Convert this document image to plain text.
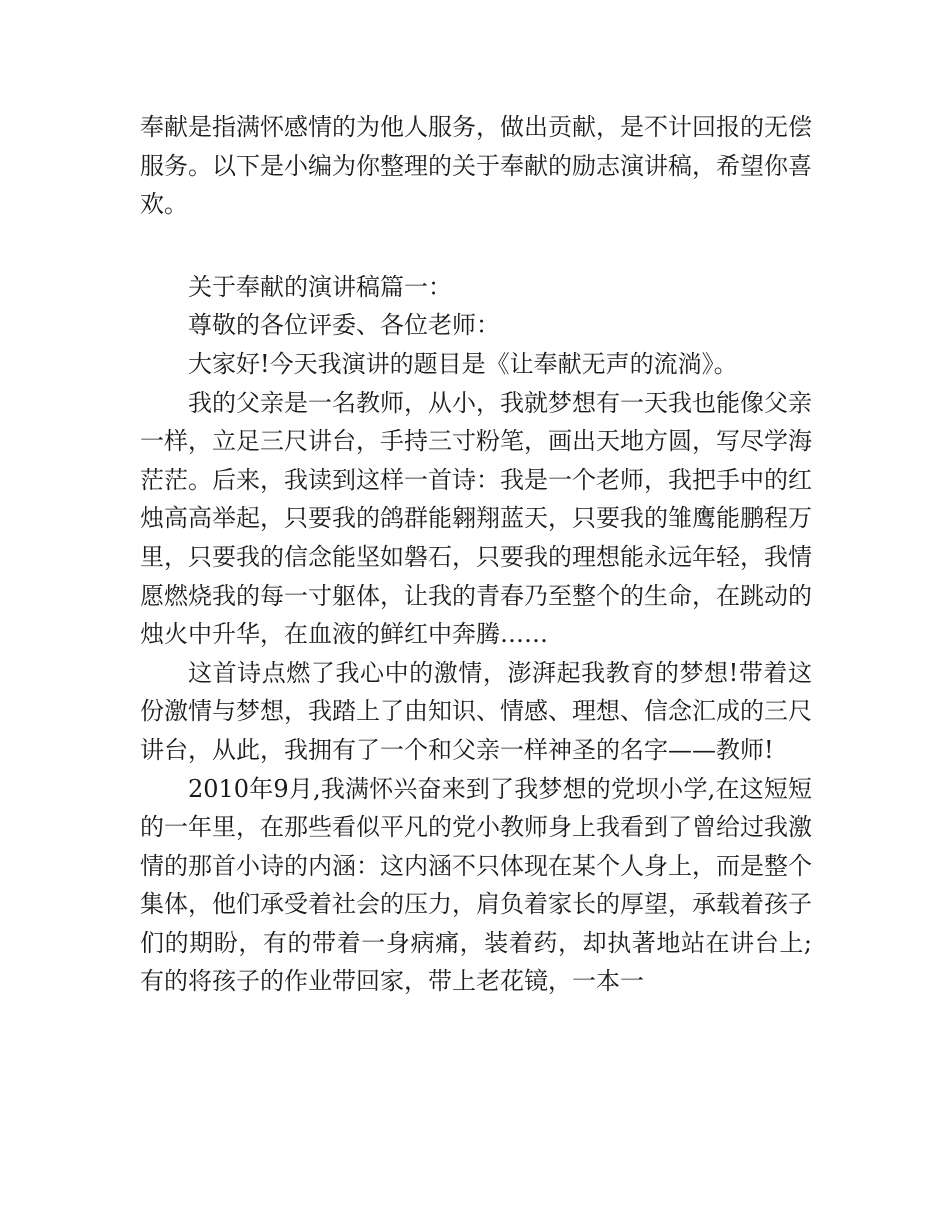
奉献是指满怀感情的为他人服务，做出贡献，是不计回报的无偿服务。以下是小编为你整理的关于奉献的励志演讲稿，希望你喜欢。

关于奉献的演讲稿篇一：

尊敬的各位评委、各位老师：

大家好!今天我演讲的题目是《让奉献无声的流淌》。

我的父亲是一名教师，从小，我就梦想有一天我也能像父亲一样，立足三尺讲台，手持三寸粉笔，画出天地方圆，写尽学海茫茫。后来，我读到这样一首诗：我是一个老师，我把手中的红烛高高举起，只要我的鸽群能翱翔蓝天，只要我的雏鹰能鹏程万里，只要我的信念能坚如磐石，只要我的理想能永远年轻，我情愿燃烧我的每一寸躯体，让我的青春乃至整个的生命，在跳动的烛火中升华，在血液的鲜红中奔腾……

这首诗点燃了我心中的激情，澎湃起我教育的梦想!带着这份激情与梦想，我踏上了由知识、情感、理想、信念汇成的三尺讲台，从此，我拥有了一个和父亲一样神圣的名字——教师!

2010年9月,我满怀兴奋来到了我梦想的党坝小学,在这短短的一年里，在那些看似平凡的党小教师身上我看到了曾给过我激情的那首小诗的内涵：这内涵不只体现在某个人身上，而是整个集体，他们承受着社会的压力，肩负着家长的厚望，承载着孩子们的期盼，有的带着一身病痛，装着药，却执著地站在讲台上;有的将孩子的作业带回家，带上老花镜，一本一
